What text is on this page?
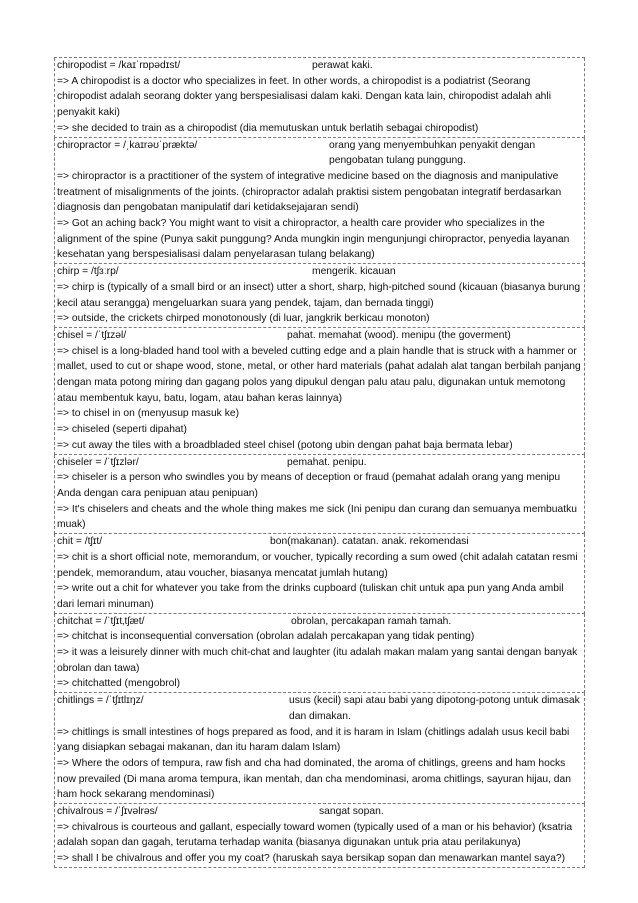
chiropodist = /kaɪˈrɒpədɪst/	perawat kaki.
=> A chiropodist is a doctor who specializes in feet. In other words, a chiropodist is a podiatrist (Seorang chiropodist adalah seorang dokter yang berspesialisasi dalam kaki. Dengan kata lain, chiropodist adalah ahli penyakit kaki)
=> she decided to train as a chiropodist (dia memutuskan untuk berlatih sebagai chiropodist)
chiropractor = /ˌkaɪrəʊˈpræktə/	orang yang menyembuhkan penyakit dengan pengobatan tulang punggung.
=> chiropractor is a practitioner of the system of integrative medicine based on the diagnosis and manipulative treatment of misalignments of the joints. (chiropractor adalah praktisi sistem pengobatan integratif berdasarkan diagnosis dan pengobatan manipulatif dari ketidaksejajaran sendi)
=> Got an aching back? You might want to visit a chiropractor, a health care provider who specializes in the alignment of the spine (Punya sakit punggung? Anda mungkin ingin mengunjungi chiropractor, penyedia layanan kesehatan yang berspesialisasi dalam penyelarasan tulang belakang)
chirp = /tʃɜːrp/	mengerik. kicauan
=> chirp is (typically of a small bird or an insect) utter a short, sharp, high-pitched sound (kicauan (biasanya burung kecil atau serangga) mengeluarkan suara yang pendek, tajam, dan bernada tinggi)
=> outside, the crickets chirped monotonously (di luar, jangkrik berkicau monoton)
chisel = /ˈtʃɪzəl/	pahat. memahat (wood). menipu (the goverment)
=> chisel is a long-bladed hand tool with a beveled cutting edge and a plain handle that is struck with a hammer or mallet, used to cut or shape wood, stone, metal, or other hard materials (pahat adalah alat tangan berbilah panjang dengan mata potong miring dan gagang polos yang dipukul dengan palu atau palu, digunakan untuk memotong atau membentuk kayu, batu, logam, atau bahan keras lainnya)
=> to chisel in on (menyusup masuk ke)
=> chiseled (seperti dipahat)
=> cut away the tiles with a broadbladed steel chisel (potong ubin dengan pahat baja bermata lebar)
chiseler = /ˈtʃɪzlər/	pemahat. penipu.
=> chiseler is a person who swindles you by means of deception or fraud (pemahat adalah orang yang menipu Anda dengan cara penipuan atau penipuan)
=> It's chiselers and cheats and the whole thing makes me sick (Ini penipu dan curang dan semuanya membuatku muak)
chit = /tʃɪt/	bon(makanan). catatan. anak. rekomendasi
=> chit is a short official note, memorandum, or voucher, typically recording a sum owed (chit adalah catatan resmi pendek, memorandum, atau voucher, biasanya mencatat jumlah hutang)
=> write out a chit for whatever you take from the drinks cupboard (tuliskan chit untuk apa pun yang Anda ambil dari lemari minuman)
chitchat = /ˈtʃɪt‚tʃæt/	obrolan, percakapan ramah tamah.
=> chitchat is inconsequential conversation (obrolan adalah percakapan yang tidak penting)
=> it was a leisurely dinner with much chit-chat and laughter (itu adalah makan malam yang santai dengan banyak obrolan dan tawa)
=> chitchatted (mengobrol)
chitlings = /ˈtʃɪtlɪŋz/	usus (kecil) sapi atau babi yang dipotong-potong untuk dimasak dan dimakan.
=> chitlings is small intestines of hogs prepared as food, and it is haram in Islam (chitlings adalah usus kecil babi yang disiapkan sebagai makanan, dan itu haram dalam Islam)
=> Where the odors of tempura, raw fish and cha had dominated, the aroma of chitlings, greens and ham hocks now prevailed (Di mana aroma tempura, ikan mentah, dan cha mendominasi, aroma chitlings, sayuran hijau, dan ham hock sekarang mendominasi)
chivalrous = /ˈʃɪvəlrəs/	sangat sopan.
=> chivalrous is courteous and gallant, especially toward women (typically used of a man or his behavior) (ksatria adalah sopan dan gagah, terutama terhadap wanita (biasanya digunakan untuk pria atau perilakunya)
=> shall I be chivalrous and offer you my coat? (haruskah saya bersikap sopan dan menawarkan mantel saya?)
